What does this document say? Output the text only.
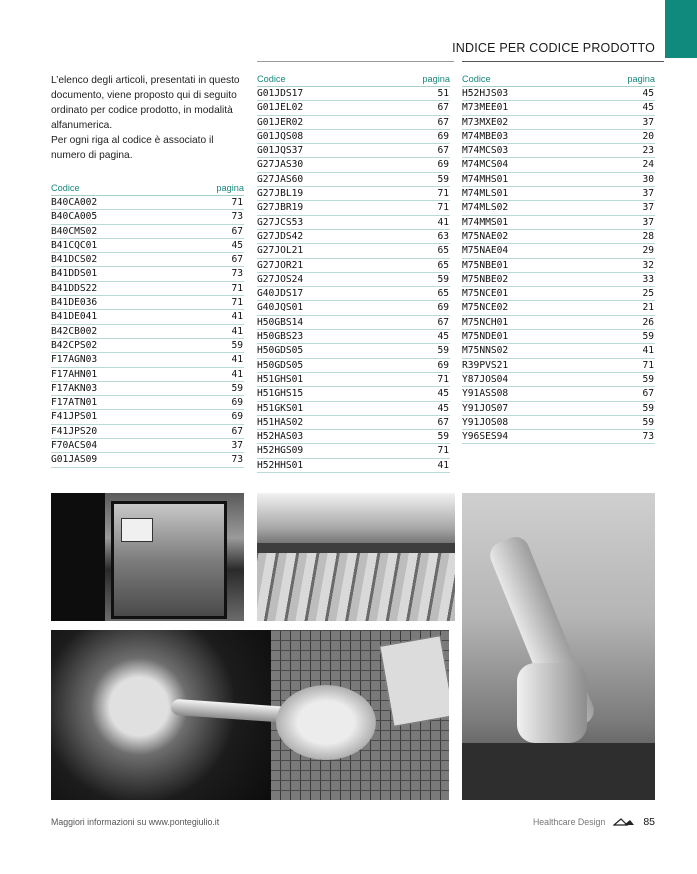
INDICE PER CODICE PRODOTTO

L’elenco degli articoli, presentati in questo documento, viene proposto qui di seguito ordinato per codice prodotto, in modalità alfanumerica.

Per ogni riga al codice è associato il numero di pagina.

Codice	pagina
B40CA002	71
B40CA005	73
B40CMS02	67
B41CQC01	45
B41DCS02	67
B41DDS01	73
B41DDS22	71
B41DE036	71
B41DE041	41
B42CB002	41
B42CPS02	59
F17AGN03	41
F17AHN01	41
F17AKN03	59
F17ATN01	69
F41JPS01	69
F41JPS20	67
F70ACS04	37
G01JAS09	73
Codice	pagina
G01JDS17	51
G01JEL02	67
G01JER02	67
G01JQS08	69
G01JQS37	67
G27JAS30	69
G27JAS60	59
G27JBL19	71
G27JBR19	71
G27JCS53	41
G27JDS42	63
G27JOL21	65
G27JOR21	65
G27JOS24	59
G40JDS17	65
G40JQS01	69
H50GBS14	67
H50GBS23	45
H50GDS05	59
H50GDS05	69
H51GHS01	71
H51GHS15	45
H51GKS01	45
H51HAS02	67
H52HAS03	59
H52HGS09	71
H52HHS01	41
Codice	pagina
H52HJS03	45
M73MEE01	45
M73MXE02	37
M74MBE03	20
M74MCS03	23
M74MCS04	24
M74MHS01	30
M74MLS01	37
M74MLS02	37
M74MMS01	37
M75NAE02	28
M75NAE04	29
M75NBE01	32
M75NBE02	33
M75NCE01	25
M75NCE02	21
M75NCH01	26
M75NDE01	59
M75NNS02	41
R39PVS21	71
Y87JOS04	59
Y91ASS08	67
Y91JOS07	59
Y91JOS08	59
Y96SES94	73
Maggiori informazioni su www.pontegiulio.it	Healthcare Design	85
